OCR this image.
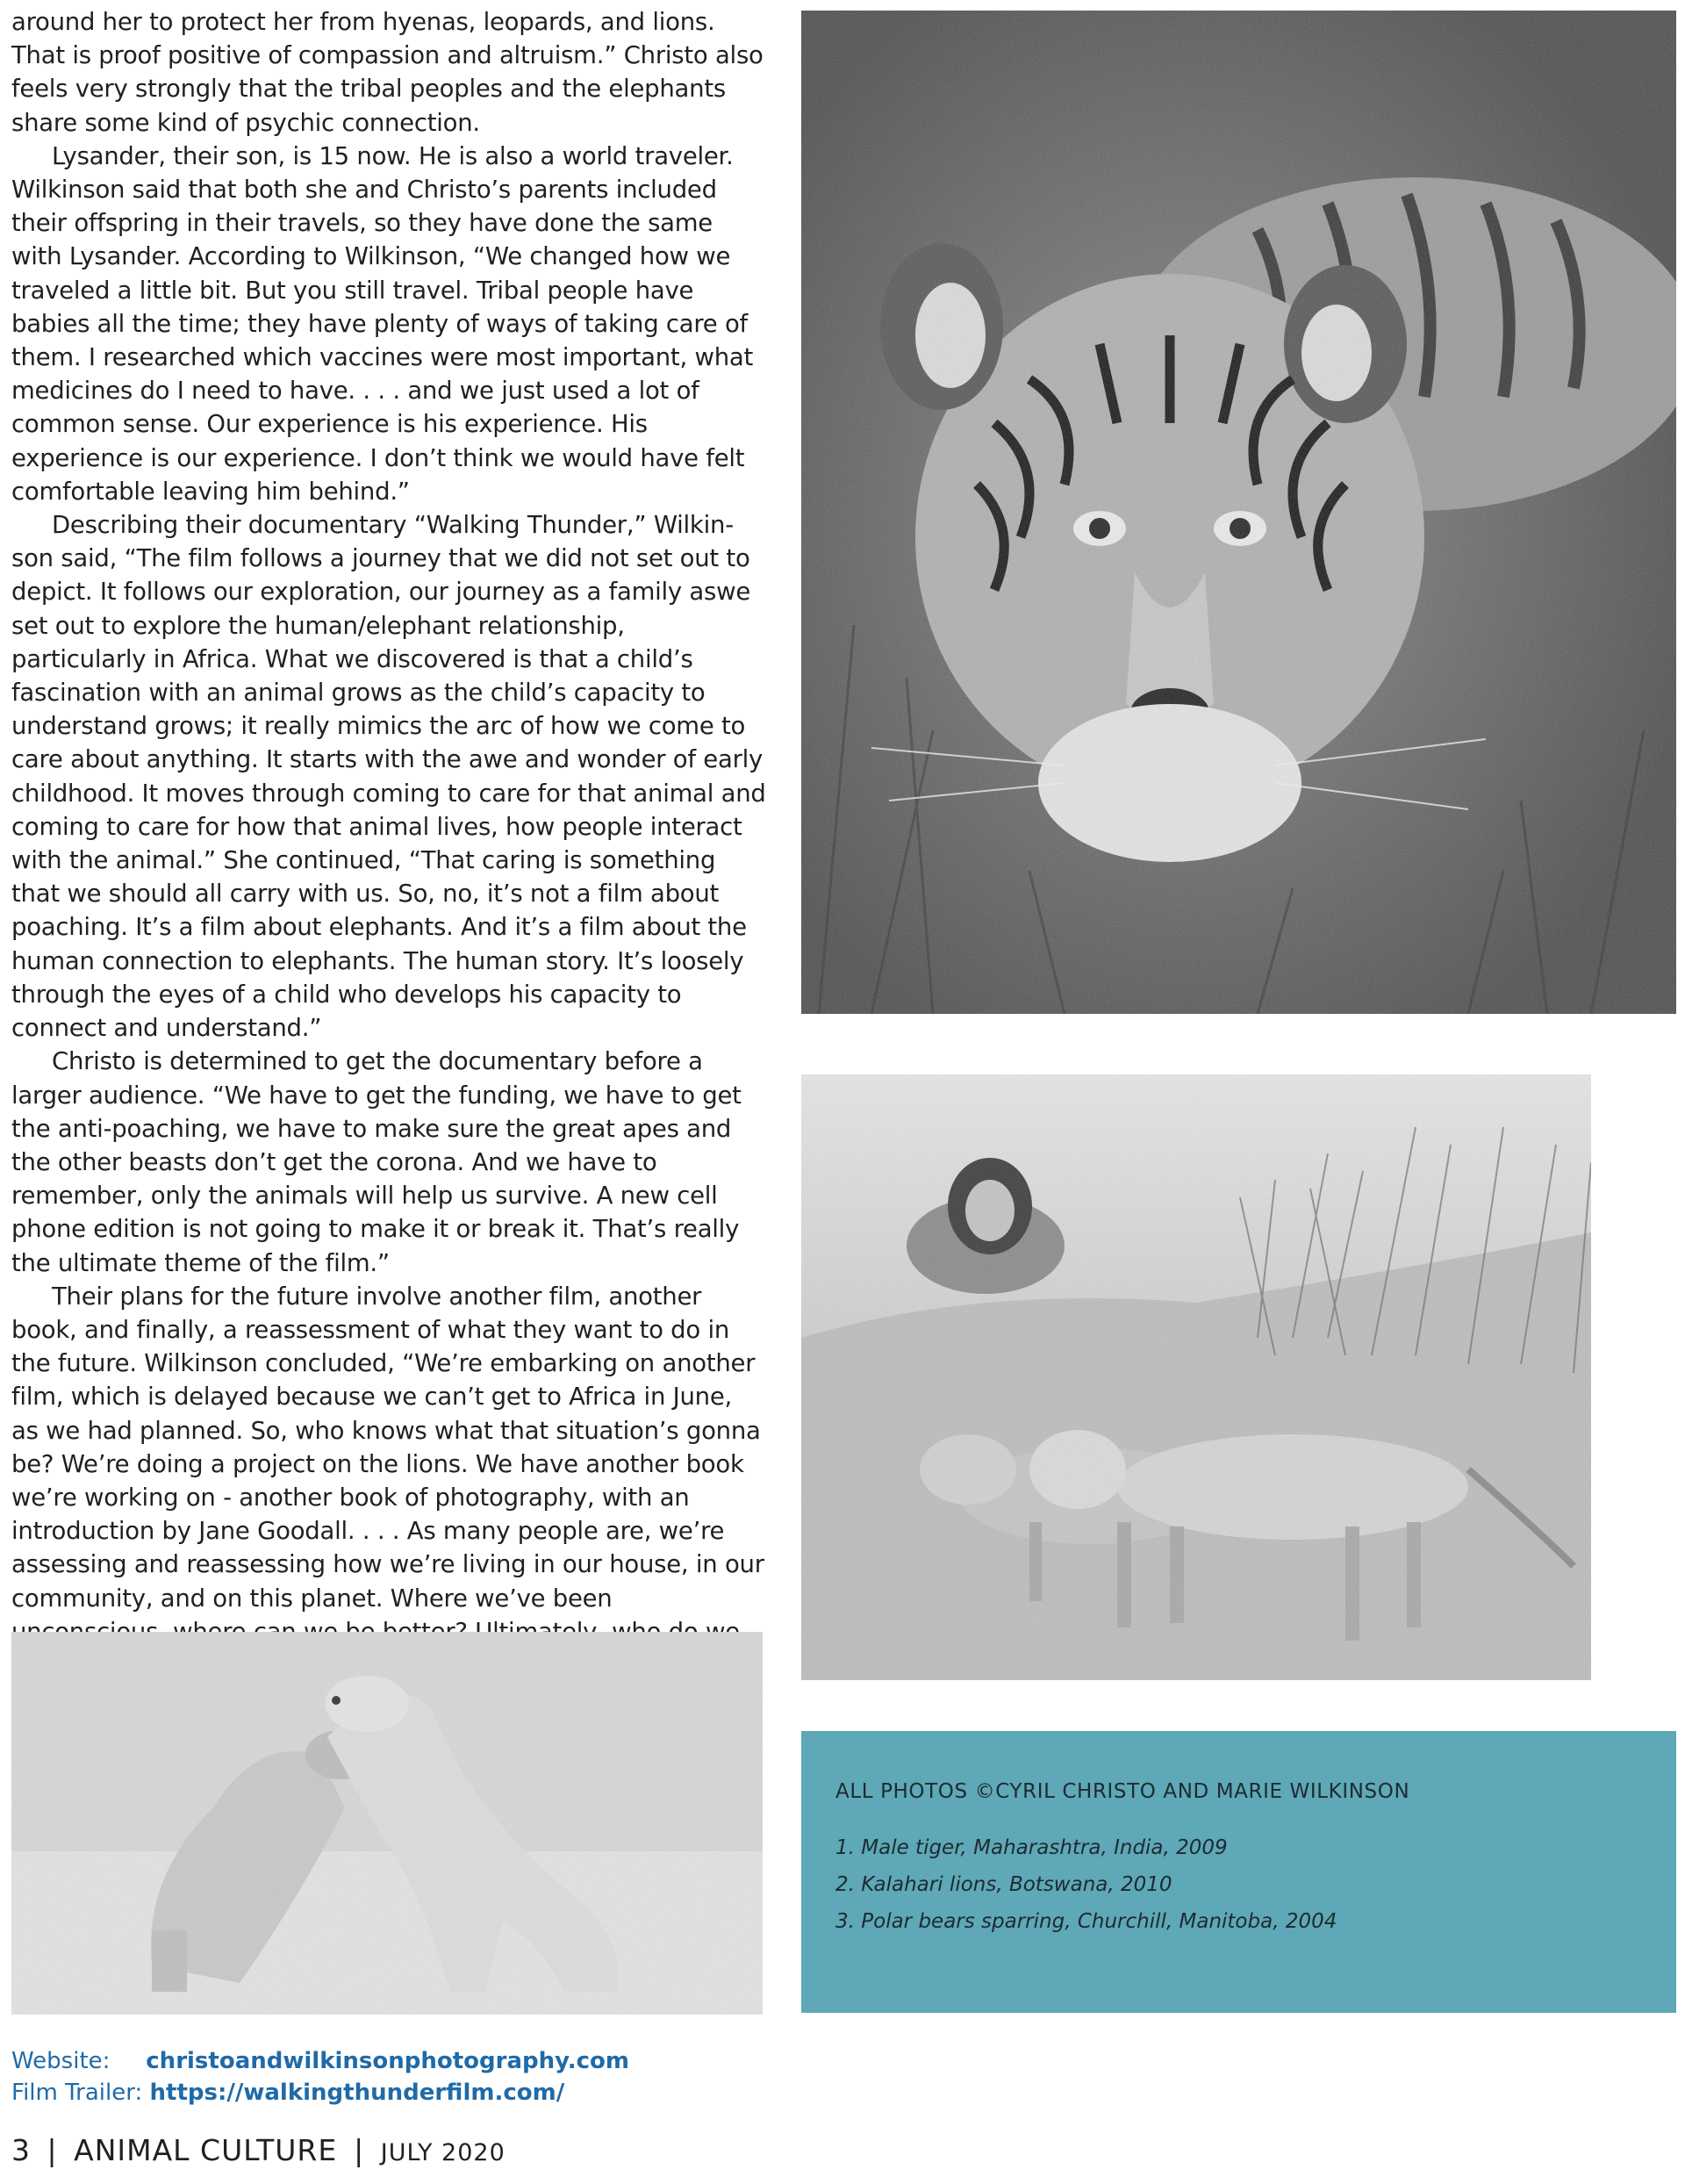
around her to protect her from hyenas, leopards, and lions. That is proof positive of compassion and altruism.” Christo also feels very strongly that the tribal peoples and the elephants share some kind of psychic connection.

Lysander, their son, is 15 now. He is also a world traveler. Wilkinson said that both she and Christo’s parents included their offspring in their travels, so they have done the same with Lysander. According to Wilkinson, “We changed how we traveled a little bit. But you still travel. Tribal people have babies all the time; they have plenty of ways of taking care of them. I researched which vaccines were most important, what medicines do I need to have. . . . and we just used a lot of common sense. Our experience is his experience. His experience is our experience. I don’t think we would have felt comfortable leaving him behind.”

Describing their documentary “Walking Thunder,” Wilkinson said, “The film follows a journey that we did not set out to depict. It follows our exploration, our journey as a family aswe set out to explore the human/elephant relationship, particularly in Africa. What we discovered is that a child’s fascination with an animal grows as the child’s capacity to understand grows; it really mimics the arc of how we come to care about anything. It starts with the awe and wonder of early childhood. It moves through coming to care for that animal and coming to care for how that animal lives, how people interact with the animal.” She continued, “That caring is something that we should all carry with us. So, no, it’s not a film about poaching. It’s a film about elephants. And it’s a film about the human connection to elephants. The human story. It’s loosely through the eyes of a child who develops his capacity to connect and understand.”

Christo is determined to get the documentary before a larger audience. “We have to get the funding, we have to get the anti-poaching, we have to make sure the great apes and the other beasts don’t get the corona. And we have to remember, only the animals will help us survive. A new cell phone edition is not going to make it or break it. That’s really the ultimate theme of the film.”

Their plans for the future involve another film, another book, and finally, a reassessment of what they want to do in the future. Wilkinson concluded, “We’re embarking on another film, which is delayed because we can’t get to Africa in June, as we had planned. So, who knows what that situation’s gonna be? We’re doing a project on the lions. We have another book we’re working on - another book of photography, with an introduction by Jane Goodall. . . . As many people are, we’re assessing and reassessing how we’re living in our house, in our community, and on this planet. Where we’ve been

ALL PHOTOS ©CYRIL CHRISTO AND MARIE WILKINSON
1. Male tiger, Maharashtra, India, 2009
2. Kalahari lions, Botswana, 2010
3. Polar bears sparring, Churchill, Manitoba, 2004
Website: christoandwilkinsonphotography.com
Film Trailer: https://walkingthunderfilm.com/
3 | ANIMAL CULTURE | JULY 2020
